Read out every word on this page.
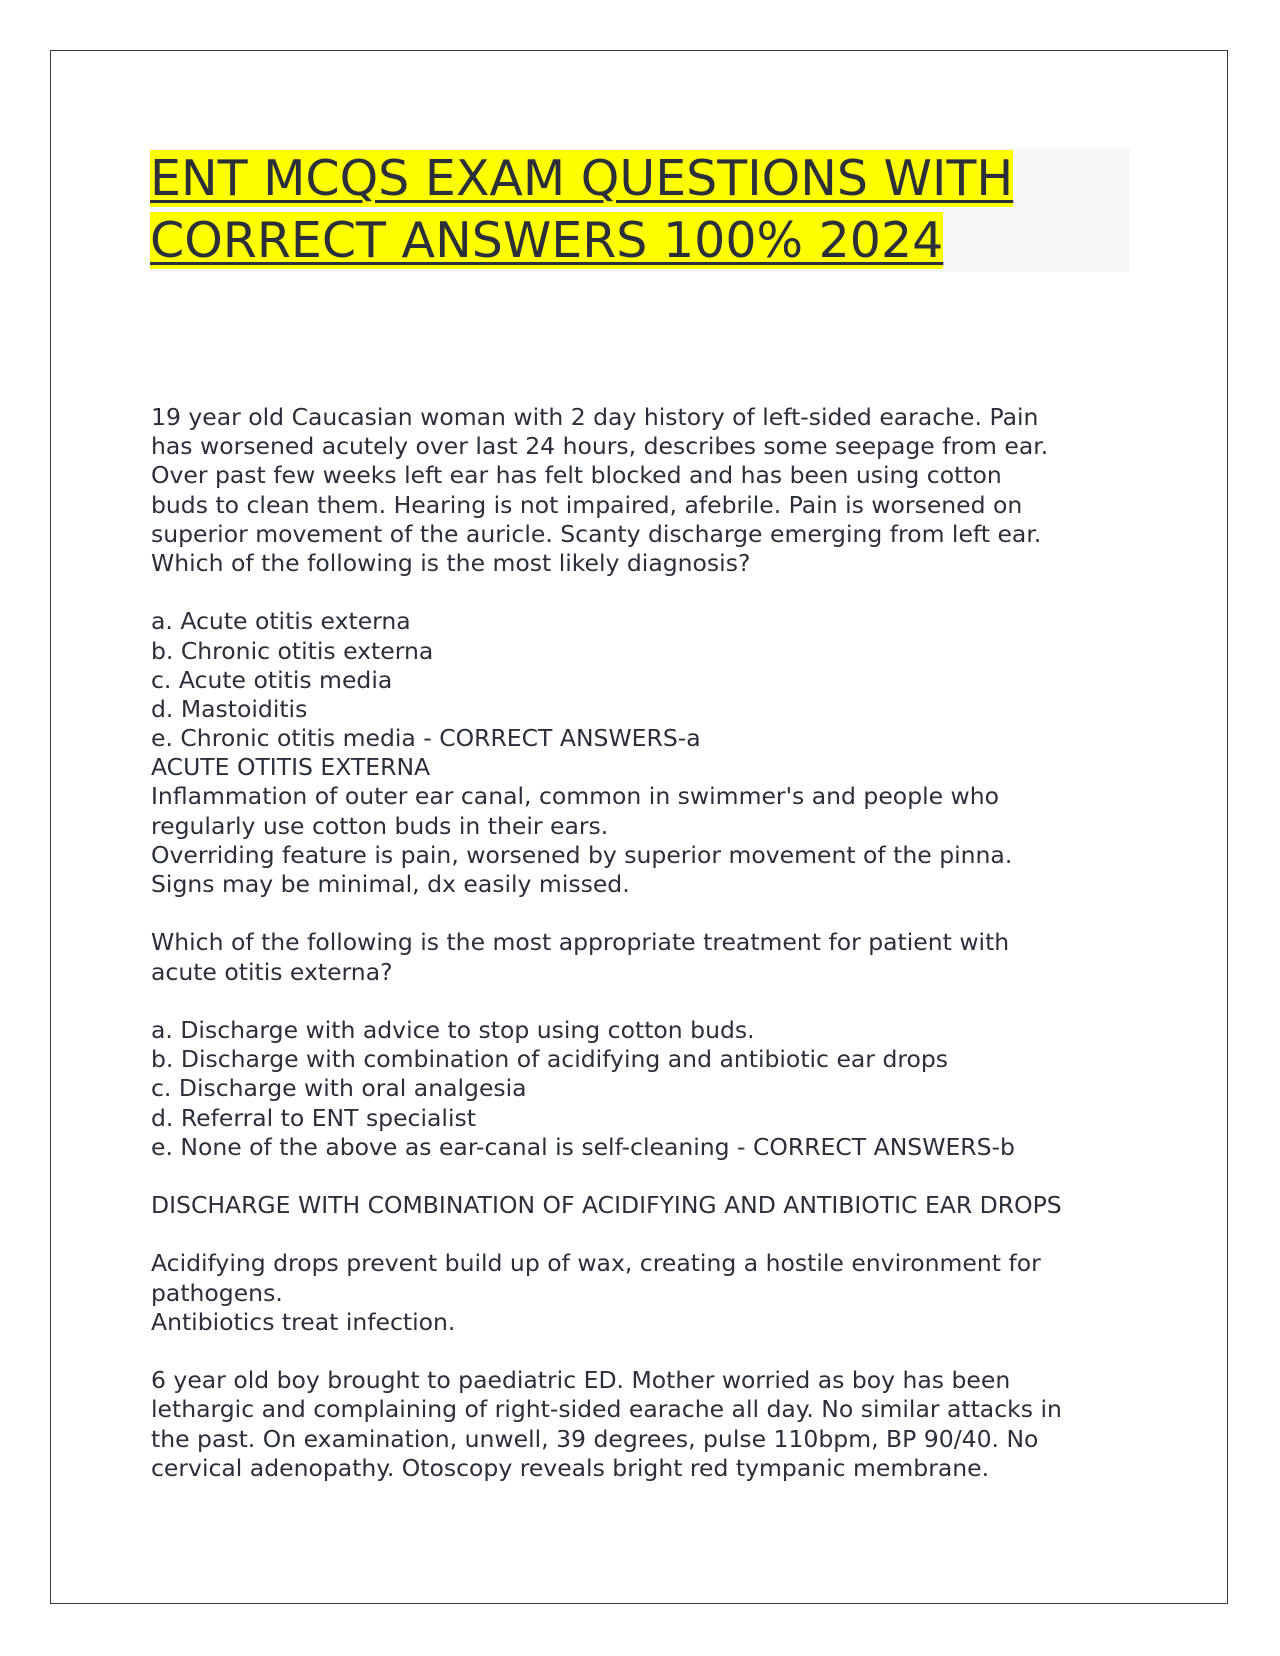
ENT MCQS EXAM QUESTIONS WITH
CORRECT ANSWERS 100% 2024
19 year old Caucasian woman with 2 day history of left-sided earache. Pain
has worsened acutely over last 24 hours, describes some seepage from ear.
Over past few weeks left ear has felt blocked and has been using cotton
buds to clean them. Hearing is not impaired, afebrile. Pain is worsened on
superior movement of the auricle. Scanty discharge emerging from left ear.
Which of the following is the most likely diagnosis?
a. Acute otitis externa
b. Chronic otitis externa
c. Acute otitis media
d. Mastoiditis
e. Chronic otitis media - CORRECT ANSWERS-a
ACUTE OTITIS EXTERNA
Inflammation of outer ear canal, common in swimmer's and people who
regularly use cotton buds in their ears.
Overriding feature is pain, worsened by superior movement of the pinna.
Signs may be minimal, dx easily missed.
Which of the following is the most appropriate treatment for patient with
acute otitis externa?
a. Discharge with advice to stop using cotton buds.
b. Discharge with combination of acidifying and antibiotic ear drops
c. Discharge with oral analgesia
d. Referral to ENT specialist
e. None of the above as ear-canal is self-cleaning - CORRECT ANSWERS-b
DISCHARGE WITH COMBINATION OF ACIDIFYING AND ANTIBIOTIC EAR DROPS
Acidifying drops prevent build up of wax, creating a hostile environment for
pathogens.
Antibiotics treat infection.
6 year old boy brought to paediatric ED. Mother worried as boy has been
lethargic and complaining of right-sided earache all day. No similar attacks in
the past. On examination, unwell, 39 degrees, pulse 110bpm, BP 90/40. No
cervical adenopathy. Otoscopy reveals bright red tympanic membrane.
